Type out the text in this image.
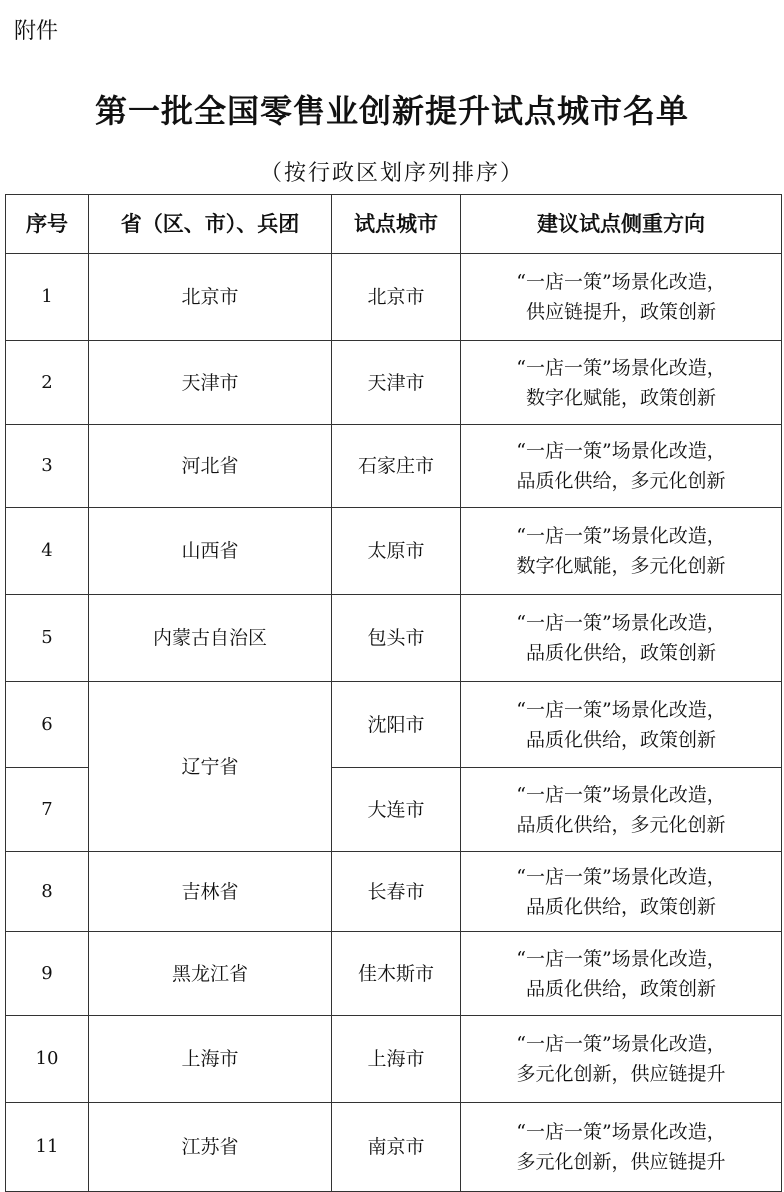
附件
第一批全国零售业创新提升试点城市名单
（按行政区划序列排序）
序号	省（区、市）、兵团	试点城市	建议试点侧重方向
1	北京市	北京市	“一店一策”场景化改造，
供应链提升，政策创新

2	天津市	天津市	“一店一策”场景化改造，
数字化赋能，政策创新

3	河北省	石家庄市	“一店一策”场景化改造，
品质化供给，多元化创新

4	山西省	太原市	“一店一策”场景化改造，
数字化赋能，多元化创新

5	内蒙古自治区	包头市	“一店一策”场景化改造，
品质化供给，政策创新

6	辽宁省	沈阳市	“一店一策”场景化改造，
品质化供给，政策创新

7		大连市	“一店一策”场景化改造，
品质化供给，多元化创新

8	吉林省	长春市	“一店一策”场景化改造，
品质化供给，政策创新

9	黑龙江省	佳木斯市	“一店一策”场景化改造，
品质化供给，政策创新

10	上海市	上海市	“一店一策”场景化改造，
多元化创新，供应链提升

11	江苏省	南京市	“一店一策”场景化改造，
多元化创新，供应链提升
